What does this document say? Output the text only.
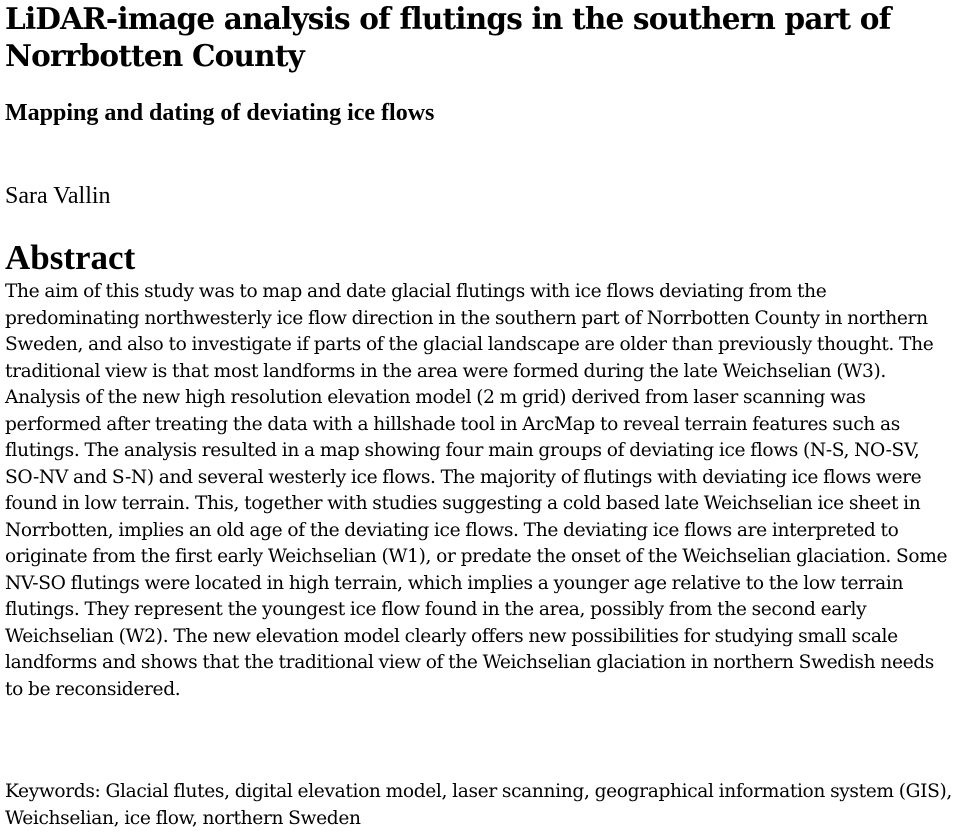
LiDAR-image analysis of flutings in the southern part of Norrbotten County
Mapping and dating of deviating ice flows

Sara Vallin

Abstract

The aim of this study was to map and date glacial flutings with ice flows deviating from the predominating northwesterly ice flow direction in the southern part of Norrbotten County in northern Sweden, and also to investigate if parts of the glacial landscape are older than previously thought. The traditional view is that most landforms in the area were formed during the late Weichselian (W3). Analysis of the new high resolution elevation model (2 m grid) derived from laser scanning was performed after treating the data with a hillshade tool in ArcMap to reveal terrain features such as flutings. The analysis resulted in a map showing four main groups of deviating ice flows (N-S, NO-SV, SO-NV and S-N) and several westerly ice flows. The majority of flutings with deviating ice flows were found in low terrain. This, together with studies suggesting a cold based late Weichselian ice sheet in Norrbotten, implies an old age of the deviating ice flows. The deviating ice flows are interpreted to originate from the first early Weichselian (W1), or predate the onset of the Weichselian glaciation. Some NV-SO flutings were located in high terrain, which implies a younger age relative to the low terrain flutings. They represent the youngest ice flow found in the area, possibly from the second early Weichselian (W2). The new elevation model clearly offers new possibilities for studying small scale landforms and shows that the traditional view of the Weichselian glaciation in northern Swedish needs to be reconsidered.

Keywords: Glacial flutes, digital elevation model, laser scanning, geographical information system (GIS), Weichselian, ice flow, northern Sweden
